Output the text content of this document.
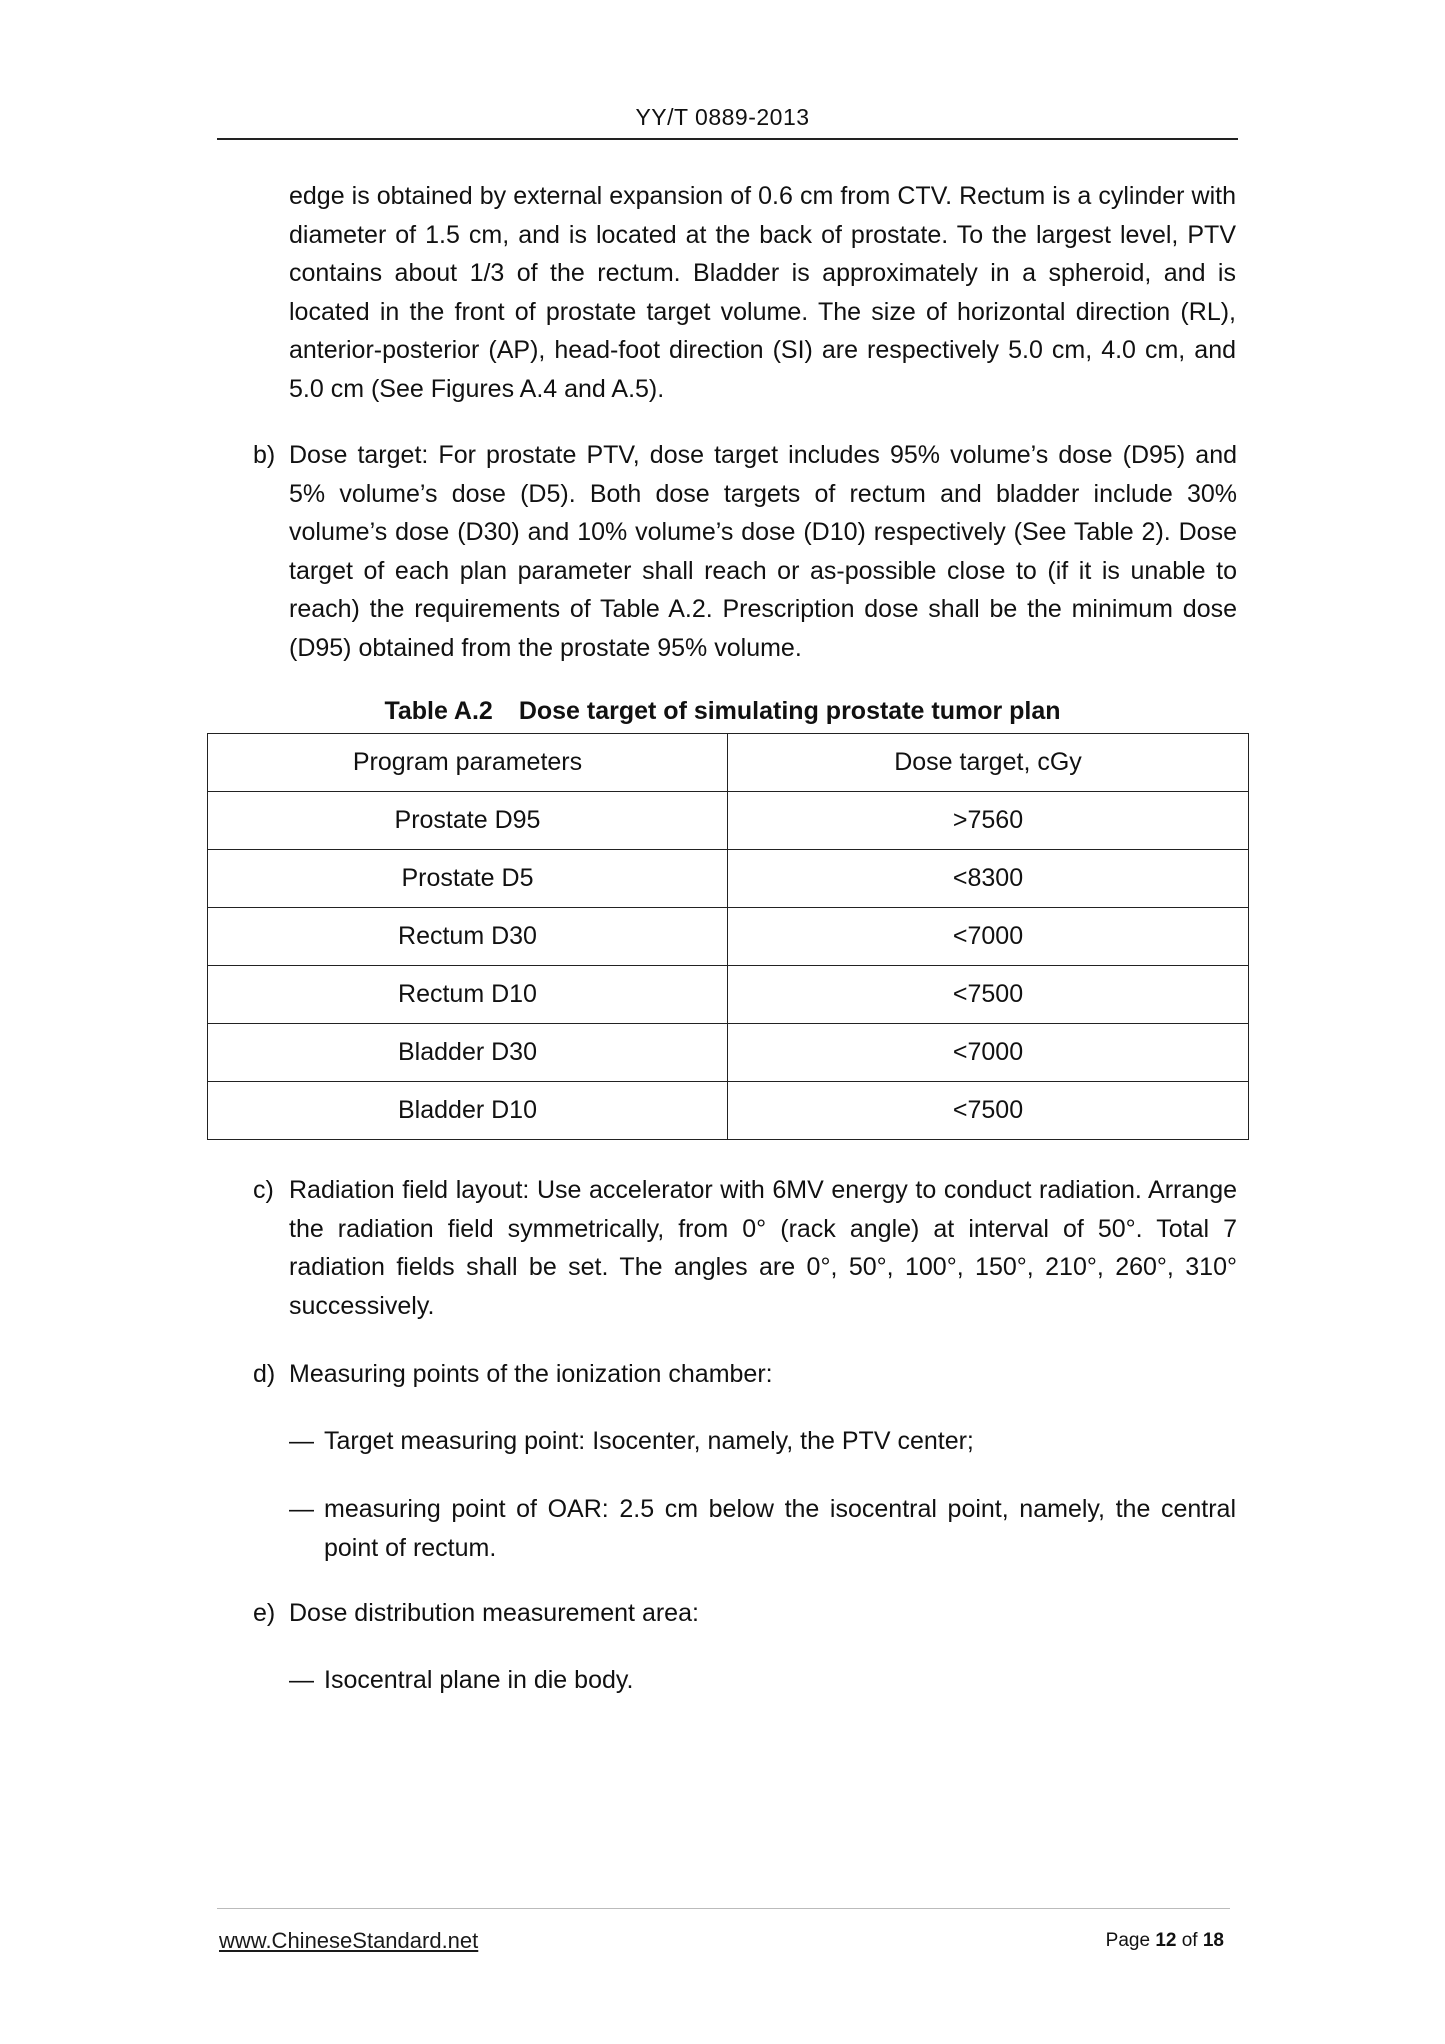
YY/T 0889-2013

edge is obtained by external expansion of 0.6 cm from CTV. Rectum is a cylinder with diameter of 1.5 cm, and is located at the back of prostate. To the largest level, PTV contains about 1/3 of the rectum. Bladder is approximately in a spheroid, and is located in the front of prostate target volume. The size of horizontal direction (RL), anterior-posterior (AP), head-foot direction (SI) are respectively 5.0 cm, 4.0 cm, and 5.0 cm (See Figures A.4 and A.5).

b) Dose target: For prostate PTV, dose target includes 95% volume’s dose (D95) and 5% volume’s dose (D5). Both dose targets of rectum and bladder include 30% volume’s dose (D30) and 10% volume’s dose (D10) respectively (See Table 2). Dose target of each plan parameter shall reach or as-possible close to (if it is unable to reach) the requirements of Table A.2. Prescription dose shall be the minimum dose (D95) obtained from the prostate 95% volume.
Table A.2 Dose target of simulating prostate tumor plan
Program parameters	Dose target, cGy
Prostate D95	>7560
Prostate D5	<8300
Rectum D30	<7000
Rectum D10	<7500
Bladder D30	<7000
Bladder D10	<7500
c) Radiation field layout: Use accelerator with 6MV energy to conduct radiation. Arrange the radiation field symmetrically, from 0° (rack angle) at interval of 50°. Total 7 radiation fields shall be set. The angles are 0°, 50°, 100°, 150°, 210°, 260°, 310° successively.
d) Measuring points of the ionization chamber:
— Target measuring point: Isocenter, namely, the PTV center;
— measuring point of OAR: 2.5 cm below the isocentral point, namely, the central point of rectum.
e) Dose distribution measurement area:
— Isocentral plane in die body.
www.ChineseStandard.net	Page 12 of 18
